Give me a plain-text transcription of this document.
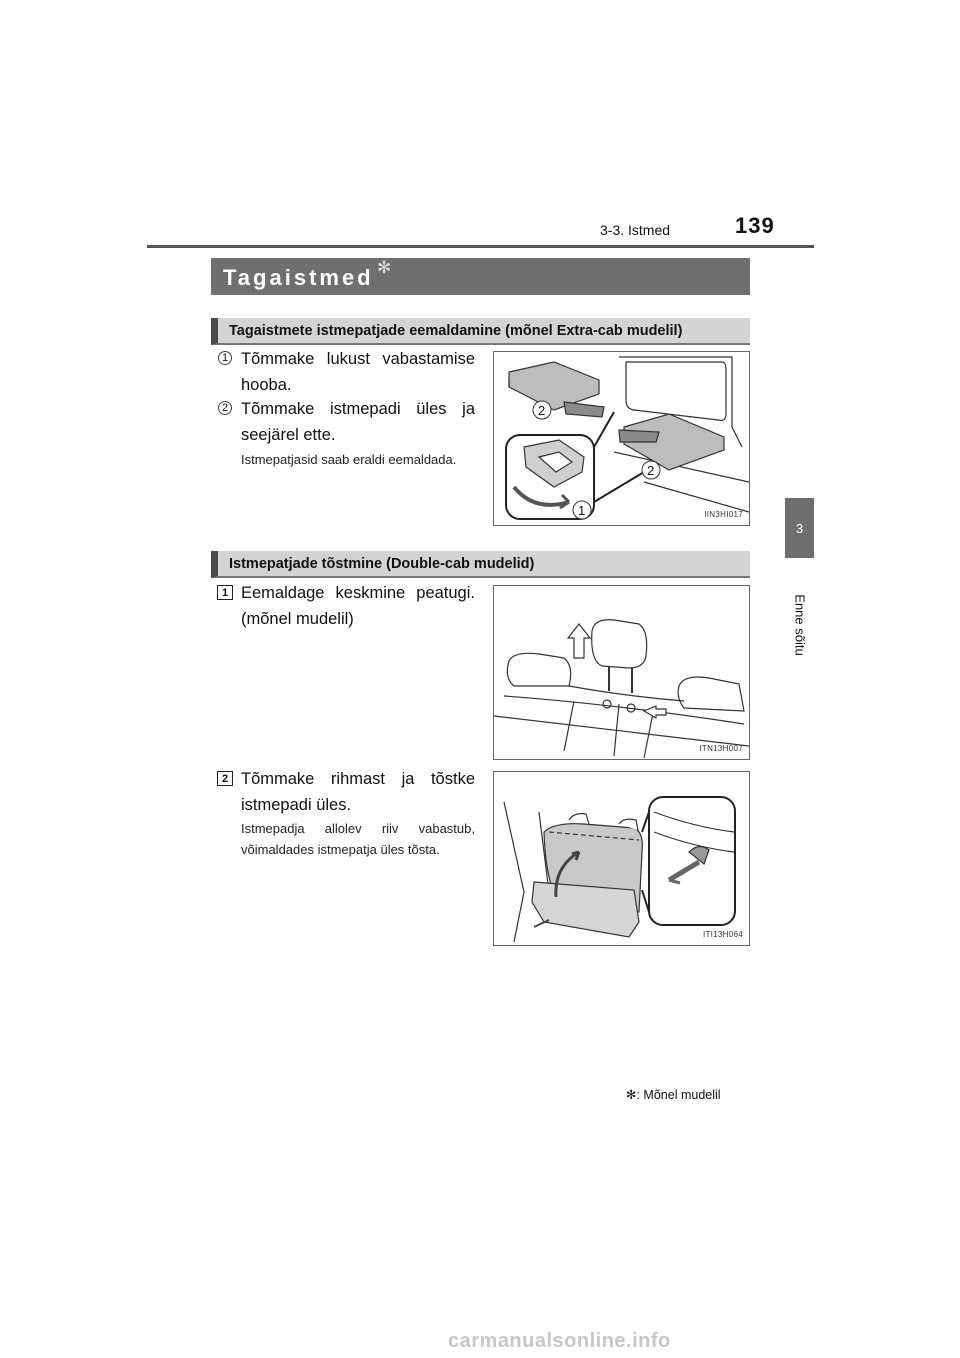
3-3. Istmed	139
3
Enne sõitu
Tagaistmed ✻
Tagaistmete istmepatjade eemaldamine (mõnel Extra-cab mudelil)
1 Tõmmake lukust vabastamise hooba.
2 Tõmmake istmepadi üles ja seejärel ette.
Istmepatjasid saab eraldi eemaldada.
2
2
1	IIN3HI017
Istmepatjade tõstmine (Double-cab mudelid)
1 Eemaldage keskmine peatugi. (mõnel mudelil)
ITN13H007
2 Tõmmake rihmast ja tõstke istmepadi üles.
Istmepadja allolev riiv vabastub, võimaldades istmepatja üles tõsta.
ITI13H064
✻: Mõnel mudelil
carmanualsonline.info
